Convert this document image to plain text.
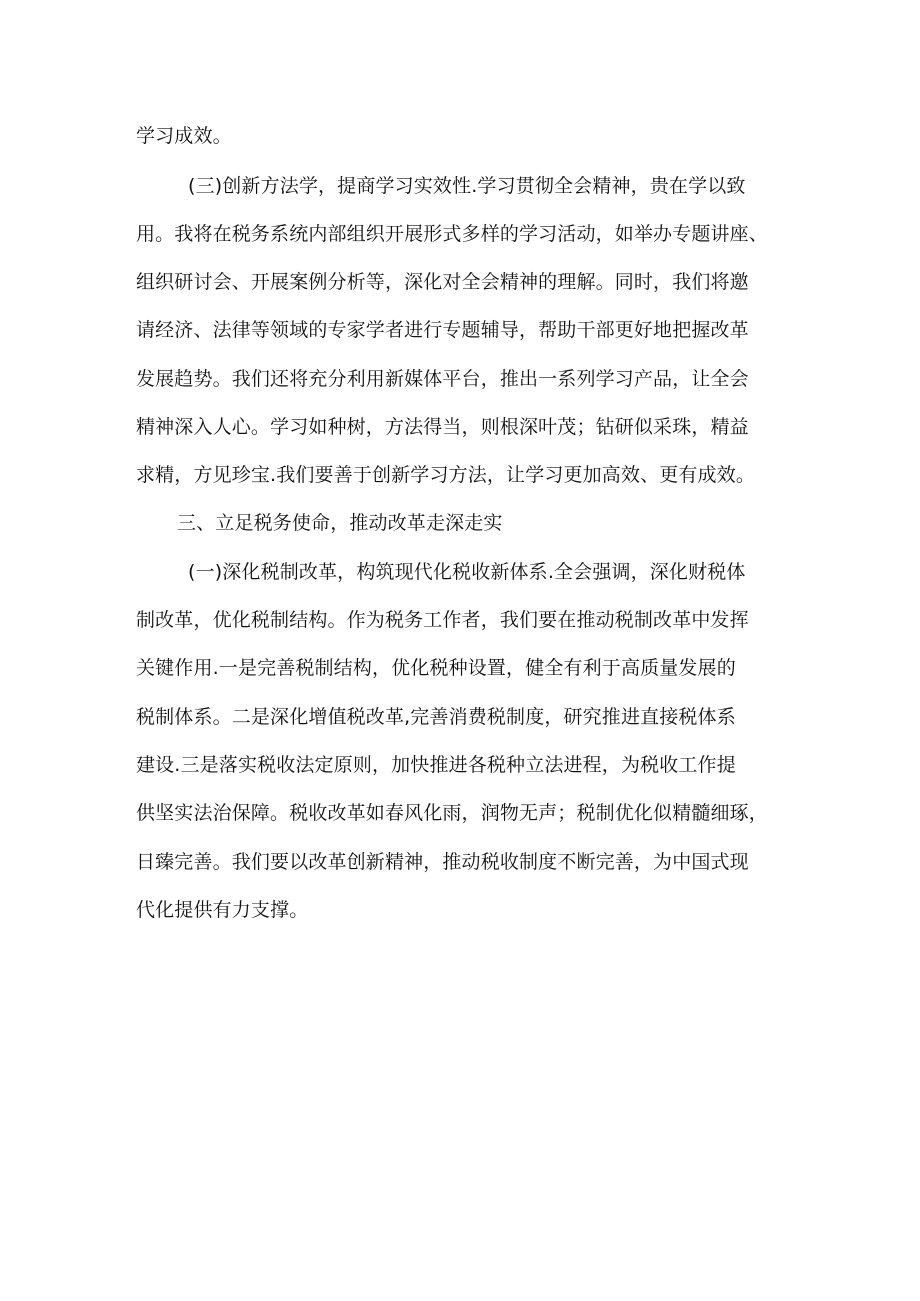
学习成效。
(三)创新方法学，提商学习实效性.学习贯彻全会精神，贵在学以致
用。我将在税务系统内部组织开展形式多样的学习活动，如举办专题讲座、
组织研讨会、开展案例分析等，深化对全会精神的理解。同时，我们将邀
请经济、法律等领域的专家学者进行专题辅导，帮助干部更好地把握改革
发展趋势。我们还将充分利用新媒体平台，推出一系列学习产品，让全会
精神深入人心。学习如种树，方法得当，则根深叶茂；钻研似采珠，精益
求精，方见珍宝.我们要善于创新学习方法，让学习更加高效、更有成效。
三、立足税务使命，推动改革走深走实
(一)深化税制改革，构筑现代化税收新体系.全会强调，深化财税体
制改革，优化税制结构。作为税务工作者，我们要在推动税制改革中发挥
关键作用.一是完善税制结构，优化税种设置，健全有利于高质量发展的
税制体系。二是深化增值税改革,完善消费税制度，研究推进直接税体系
建设.三是落实税收法定原则，加快推进各税种立法进程，为税收工作提
供坚实法治保障。税收改革如春风化雨，润物无声；税制优化似精髓细琢，
日臻完善。我们要以改革创新精神，推动税收制度不断完善，为中国式现
代化提供有力支撑。
